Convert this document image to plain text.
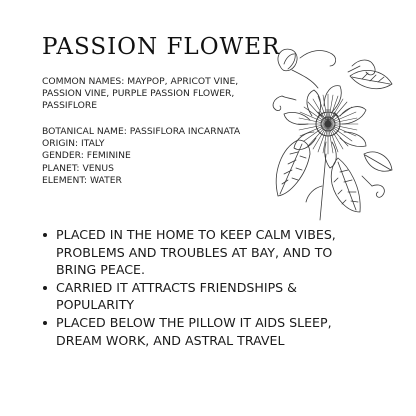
PASSION FLOWER
COMMON NAMES: MAYPOP, APRICOT VINE,
PASSION VINE, PURPLE PASSION FLOWER,
PASSIFLORE
BOTANICAL NAME: PASSIFLORA INCARNATA
ORIGIN: ITALY
GENDER: FEMININE
PLANET: VENUS
ELEMENT: WATER
PLACED IN THE HOME TO KEEP CALM VIBES,
PROBLEMS AND TROUBLES AT BAY, AND TO
BRING PEACE.
CARRIED IT ATTRACTS FRIENDSHIPS &
POPULARITY
PLACED BELOW THE PILLOW IT AIDS SLEEP,
DREAM WORK, AND ASTRAL TRAVEL
